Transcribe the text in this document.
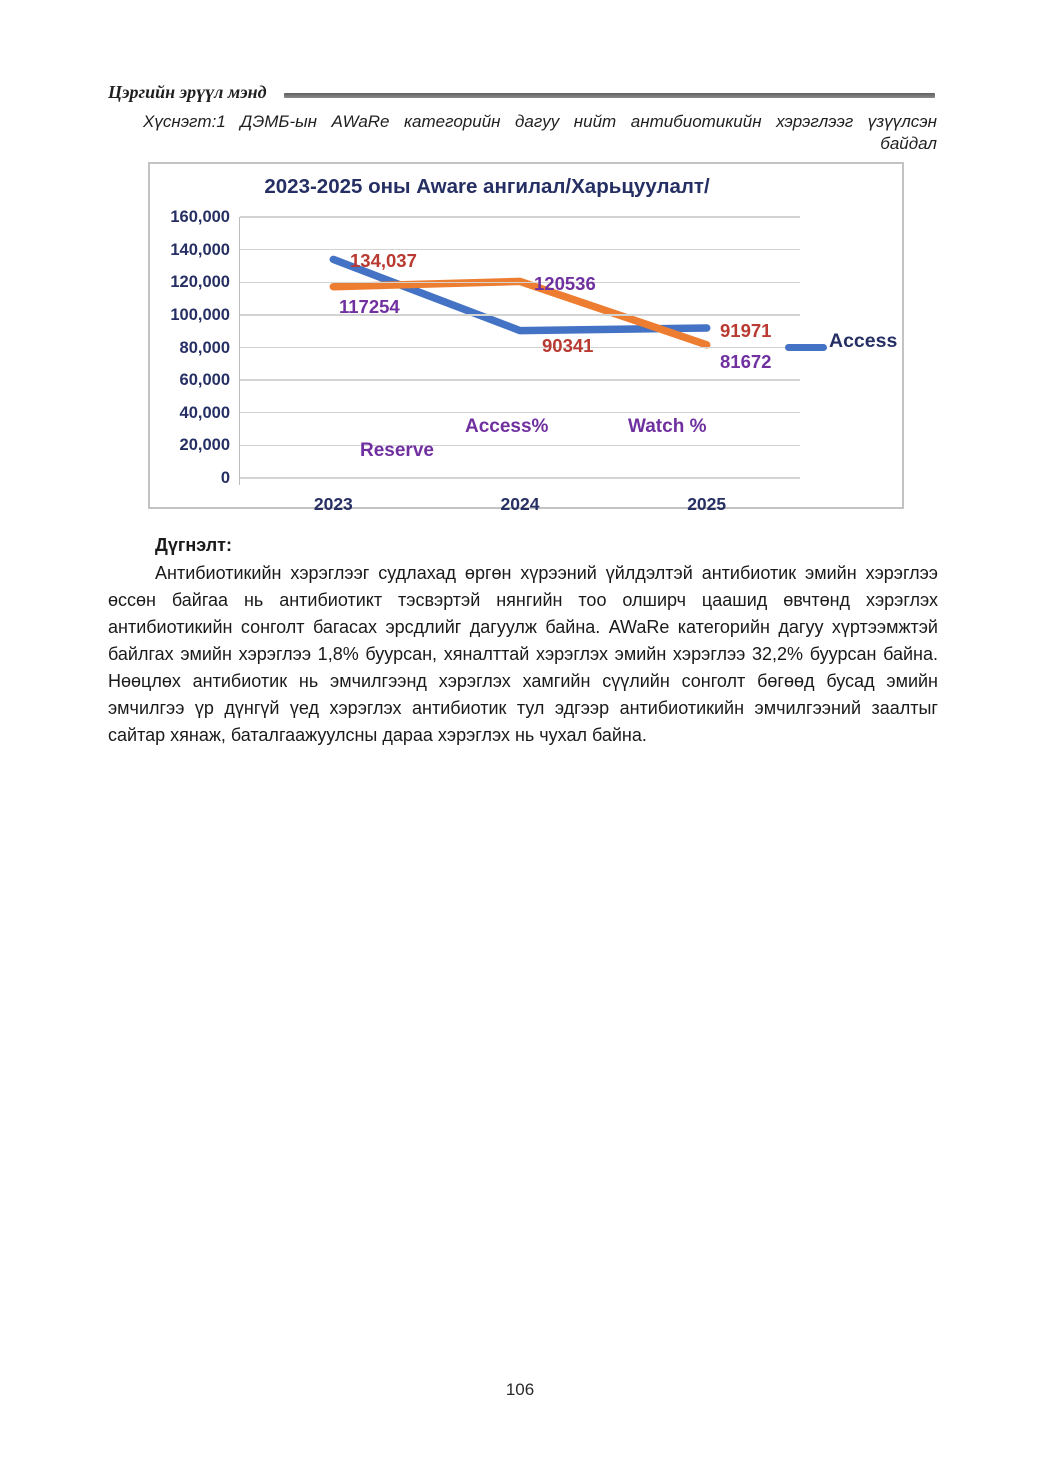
Цэргийн эрүүл мэнд
Хүснэгт:1 ДЭМБ-ын AWaRe категорийн дагуу нийт антибиотикийн хэрэглээг үзүүлсэн
байдал
2023-2025 оны Aware ангилал/Харьцуулалт/
0
20,000
40,000
60,000
80,000
100,000
120,000
140,000
160,000
2023	2024	2025
134,037
90341
91971
117254
120536
81672
Reserve
Access%	Watch %
Access
Дүгнэлт:
Антибиотикийн хэрэглээг судлахад өргөн хүрээний үйлдэлтэй антибиотик эмийн хэрэглээ өссөн байгаа нь антибиотикт тэсвэртэй нянгийн тоо олширч цаашид өвчтөнд хэрэглэх антибиотикийн сонголт багасах эрсдлийг дагуулж байна. AWaRe категорийн дагуу хүртээмжтэй байлгах эмийн хэрэглээ 1,8% буурсан, хяналттай хэрэглэх эмийн хэрэглээ 32,2% буурсан байна. Нөөцлөх антибиотик нь эмчилгээнд хэрэглэх хамгийн сүүлийн сонголт бөгөөд бусад эмийн эмчилгээ үр дүнгүй үед хэрэглэх антибиотик тул эдгээр антибиотикийн эмчилгээний заалтыг сайтар хянаж, баталгаажуулсны дараа хэрэглэх нь чухал байна.
106
